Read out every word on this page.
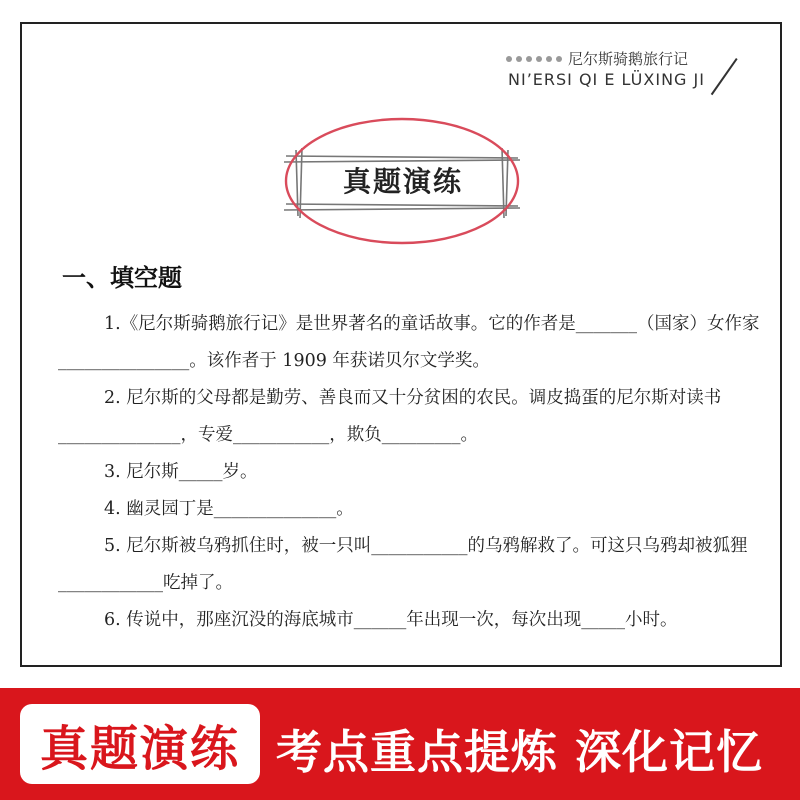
尼尔斯骑鹅旅行记
NI’ERSI QI E LÜXING JI
真题演练
一、填空题

1.《尼尔斯骑鹅旅行记》是世界著名的童话故事。它的作者是_______（国家）女作家_______________。该作者于 1909 年获诺贝尔文学奖。

2. 尼尔斯的父母都是勤劳、善良而又十分贫困的农民。调皮捣蛋的尼尔斯对读书______________，专爱___________，欺负_________。

3. 尼尔斯_____岁。

4. 幽灵园丁是______________。

5. 尼尔斯被乌鸦抓住时，被一只叫___________的乌鸦解救了。可这只乌鸦却被狐狸____________吃掉了。

6. 传说中，那座沉没的海底城市______年出现一次，每次出现_____小时。

真题演练 考点重点提炼 深化记忆
